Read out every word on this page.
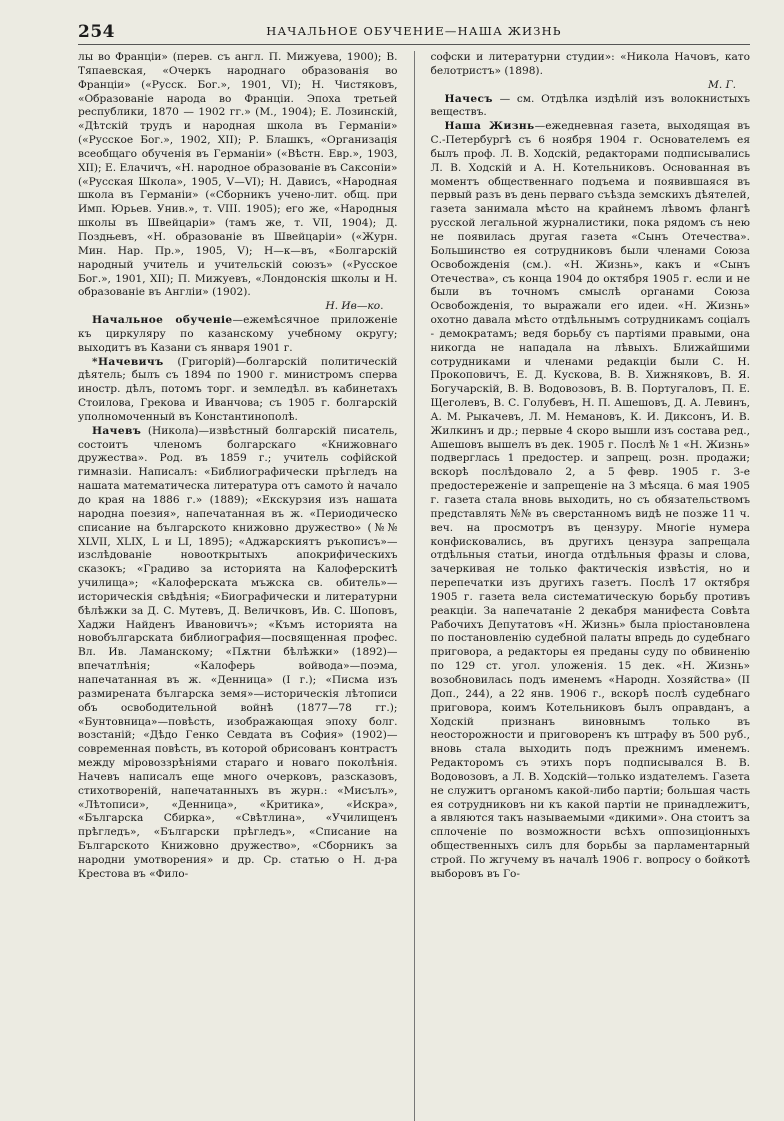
254	НАЧАЛЬНОЕ ОБУЧЕНИЕ—НАША ЖИЗНЬ

лы во Франціи» (перев. съ англ. П. Мижуева, 1900); В. Тяпаевская, «Очеркъ народнаго образованія во Франціи» («Русск. Бог.», 1901, VI); Н. Чистяковъ, «Образованіе народа во Франціи. Эпоха третьей республики, 1870 — 1902 гг.» (М., 1904); Е. Лозинскій, «Дѣтскій трудъ и народная школа въ Германіи» («Русское Бог.», 1902, XII); Р. Блашкъ, «Организація всеобщаго обученія въ Германіи» («Вѣстн. Евр.», 1903, XII); Е. Елачичъ, «Н. народное образованіе въ Саксоніи» («Русская Школа», 1905, V—VI); Н. Дависъ, «Народная школа въ Германіи» («Сборникъ учено-лит. общ. при Имп. Юрьев. Унив.», т. VIII. 1905); его же, «Народныя школы въ Швейцаріи» (тамъ же, т. VII, 1904); Д. Поздњевъ, «Н. образованіе въ Швейцаріи» («Журн. Мин. Нар. Пр.», 1905, V); Н—к—въ, «Болгарскій народный учитель и учительскій союзъ» («Русское Бог.», 1901, XII); П. Мижуевъ, «Лондонскія школы и Н. образованіе въ Англіи» (1902).
Н. Ив—ко.

Начальное обученіе—ежемѣсячное приложеніе къ циркуляру по казанскому учебному округу; выходитъ въ Казани съ января 1901 г.

*Начевичъ (Григорій)—болгарскій политическій дѣятель; былъ съ 1894 по 1900 г. министромъ сперва иностр. дѣлъ, потомъ торг. и земледѣл. въ кабинетахъ Стоилова, Грекова и Иванчова; съ 1905 г. болгарскій уполномоченный въ Константинополѣ.

Начевъ (Никола)—извѣстный болгарскій писатель, состоитъ членомъ болгарскаго «Книжовнаго дружества». Род. въ 1859 г.; учитель софійской гимназіи. Написалъ: «Библиографически прѣгледъ на нашата математическа литература отъ самото ѝ начало до края на 1886 г.» (1889); «Екскурзия изъ нашата народна поезия», напечатанная въ ж. «Периодическо списание на българското книжовно дружество» (№№ XLVII, XLIX, L и LI, 1895); «Аджарскиятъ ръкописъ»—изслѣдованіе новооткрытыхъ апокрифическихъ сказокъ; «Градиво за историята на Калоферскитѣ училища»; «Калоферската мъжска св. обитель»—историческія свѣдѣнія; «Биографически и литературни бѣлѣжки за Д. С. Мутевъ, Д. Величковъ, Ив. С. Шоповъ, Хаджи Найденъ Ивановичъ»; «Къмъ историята на новобългарската библиография—посвященная профес. Вл. Ив. Ламанскому; «Пѫтни бѣлѣжки» (1892)—впечатлѣнія; «Калоферь войвода»—поэма, напечатанная въ ж. «Денница» (I г.); «Писма изъ размирената българска земя»—историческія лѣтописи объ освободительной войнѣ (1877—78 гг.); «Бунтовница»—повѣсть, изображающая эпоху болг. возстаній; «Дѣдо Генко Севдата въ София» (1902)—современная повѣсть, въ которой обрисованъ контрастъ между міровоззрѣніями стараго и новаго поколѣнія. Начевъ написалъ еще много очерковъ, разсказовъ, стихотвореній, напечатанныхъ въ журн.: «Мисълъ», «Лѣтописи», «Денница», «Критика», «Искра», «Българска Сбирка», «Свѣтлина», «Училищенъ прѣгледъ», «Български прѣгледъ», «Списание на Българското Книжовно дружество», «Сборникъ за народни умотворения» и др. Ср. статью о Н. д-ра Крестова въ «Фило-

софски и литературни студии»: «Никола Начовъ, като белотристъ» (1898).
М. Г.

Начесъ — см. Отдѣлка издѣлій изъ волокнистыхъ веществъ.

Наша Жизнь—ежедневная газета, выходящая въ С.-Петербургѣ съ 6 ноября 1904 г. Основателемъ ея былъ проф. Л. В. Ходскій, редакторами подписывались Л. В. Ходскій и А. Н. Котельниковъ. Основанная въ моментъ общественнаго подъема и появившаяся въ первый разъ въ день перваго съѣзда земскихъ дѣятелей, газета занимала мѣсто на крайнемъ лѣвомъ флангѣ русской легальной журналистики, пока рядомъ съ нею не появилась другая газета «Сынъ Отечества». Большинство ея сотрудниковъ были членами Союза Освобожденія (см.). «Н. Жизнь», какъ и «Сынъ Отечества», съ конца 1904 до октября 1905 г. если и не были въ точномъ смыслѣ органами Союза Освобожденія, то выражали его идеи. «Н. Жизнь» охотно давала мѣсто отдѣльнымъ сотрудникамъ соціалъ - демократамъ; ведя борьбу съ партіями правыми, она никогда не нападала на лѣвыхъ. Ближайшими сотрудниками и членами редакціи были С. Н. Прокоповичъ, Е. Д. Кускова, В. В. Хижняковъ, В. Я. Богучарскій, В. В. Водовозовъ, В. В. Португаловъ, П. Е. Щеголевъ, В. С. Голубевъ, Н. П. Ашешовъ, Д. А. Левинъ, А. М. Рыкачевъ, Л. М. Немановъ, К. И. Диксонъ, И. В. Жилкинъ и др.; первые 4 скоро вышли изъ состава ред., Ашешовъ вышелъ въ дек. 1905 г. Послѣ № 1 «Н. Жизнь» подверглась 1 предостер. и запрещ. розн. продажи; вскорѣ послѣдовало 2, а 5 февр. 1905 г. 3-е предостереженіе и запрещеніе на 3 мѣсяца. 6 мая 1905 г. газета стала вновь выходить, но съ обязательствомъ представлять №№ въ сверстанномъ видѣ не позже 11 ч. веч. на просмотръ въ цензуру. Многіе нумера конфисковались, въ другихъ цензура запрещала отдѣльныя статьи, иногда отдѣльныя фразы и слова, зачеркивая не только фактическія извѣстія, но и перепечатки изъ другихъ газетъ. Послѣ 17 октября 1905 г. газета вела систематическую борьбу противъ реакціи. За напечатаніе 2 декабря манифеста Совѣта Рабочихъ Депутатовъ «Н. Жизнь» была пріостановлена по постановленію судебной палаты впредь до судебнаго приговора, а редакторы ея преданы суду по обвиненію по 129 ст. угол. уложенія. 15 дек. «Н. Жизнь» возобновилась подъ именемъ «Народн. Хозяйства» (II Доп., 244), а 22 янв. 1906 г., вскорѣ послѣ судебнаго приговора, коимъ Котельниковъ былъ оправданъ, а Ходскій признанъ виновнымъ только въ неосторожности и приговоренъ къ штрафу въ 500 руб., вновь стала выходить подъ прежнимъ именемъ. Редакторомъ съ этихъ поръ подписывался В. В. Водовозовъ, а Л. В. Ходскій—только издателемъ. Газета не служитъ органомъ какой-либо партіи; большая часть ея сотрудниковъ ни къ какой партіи не принадлежитъ, а являются такъ называемыми «дикими». Она стоитъ за сплоченіе по возможности всѣхъ оппозиціонныхъ общественныхъ силъ для борьбы за парламентарный строй. По жгучему въ началѣ 1906 г. вопросу о бойкотѣ выборовъ въ Го-
